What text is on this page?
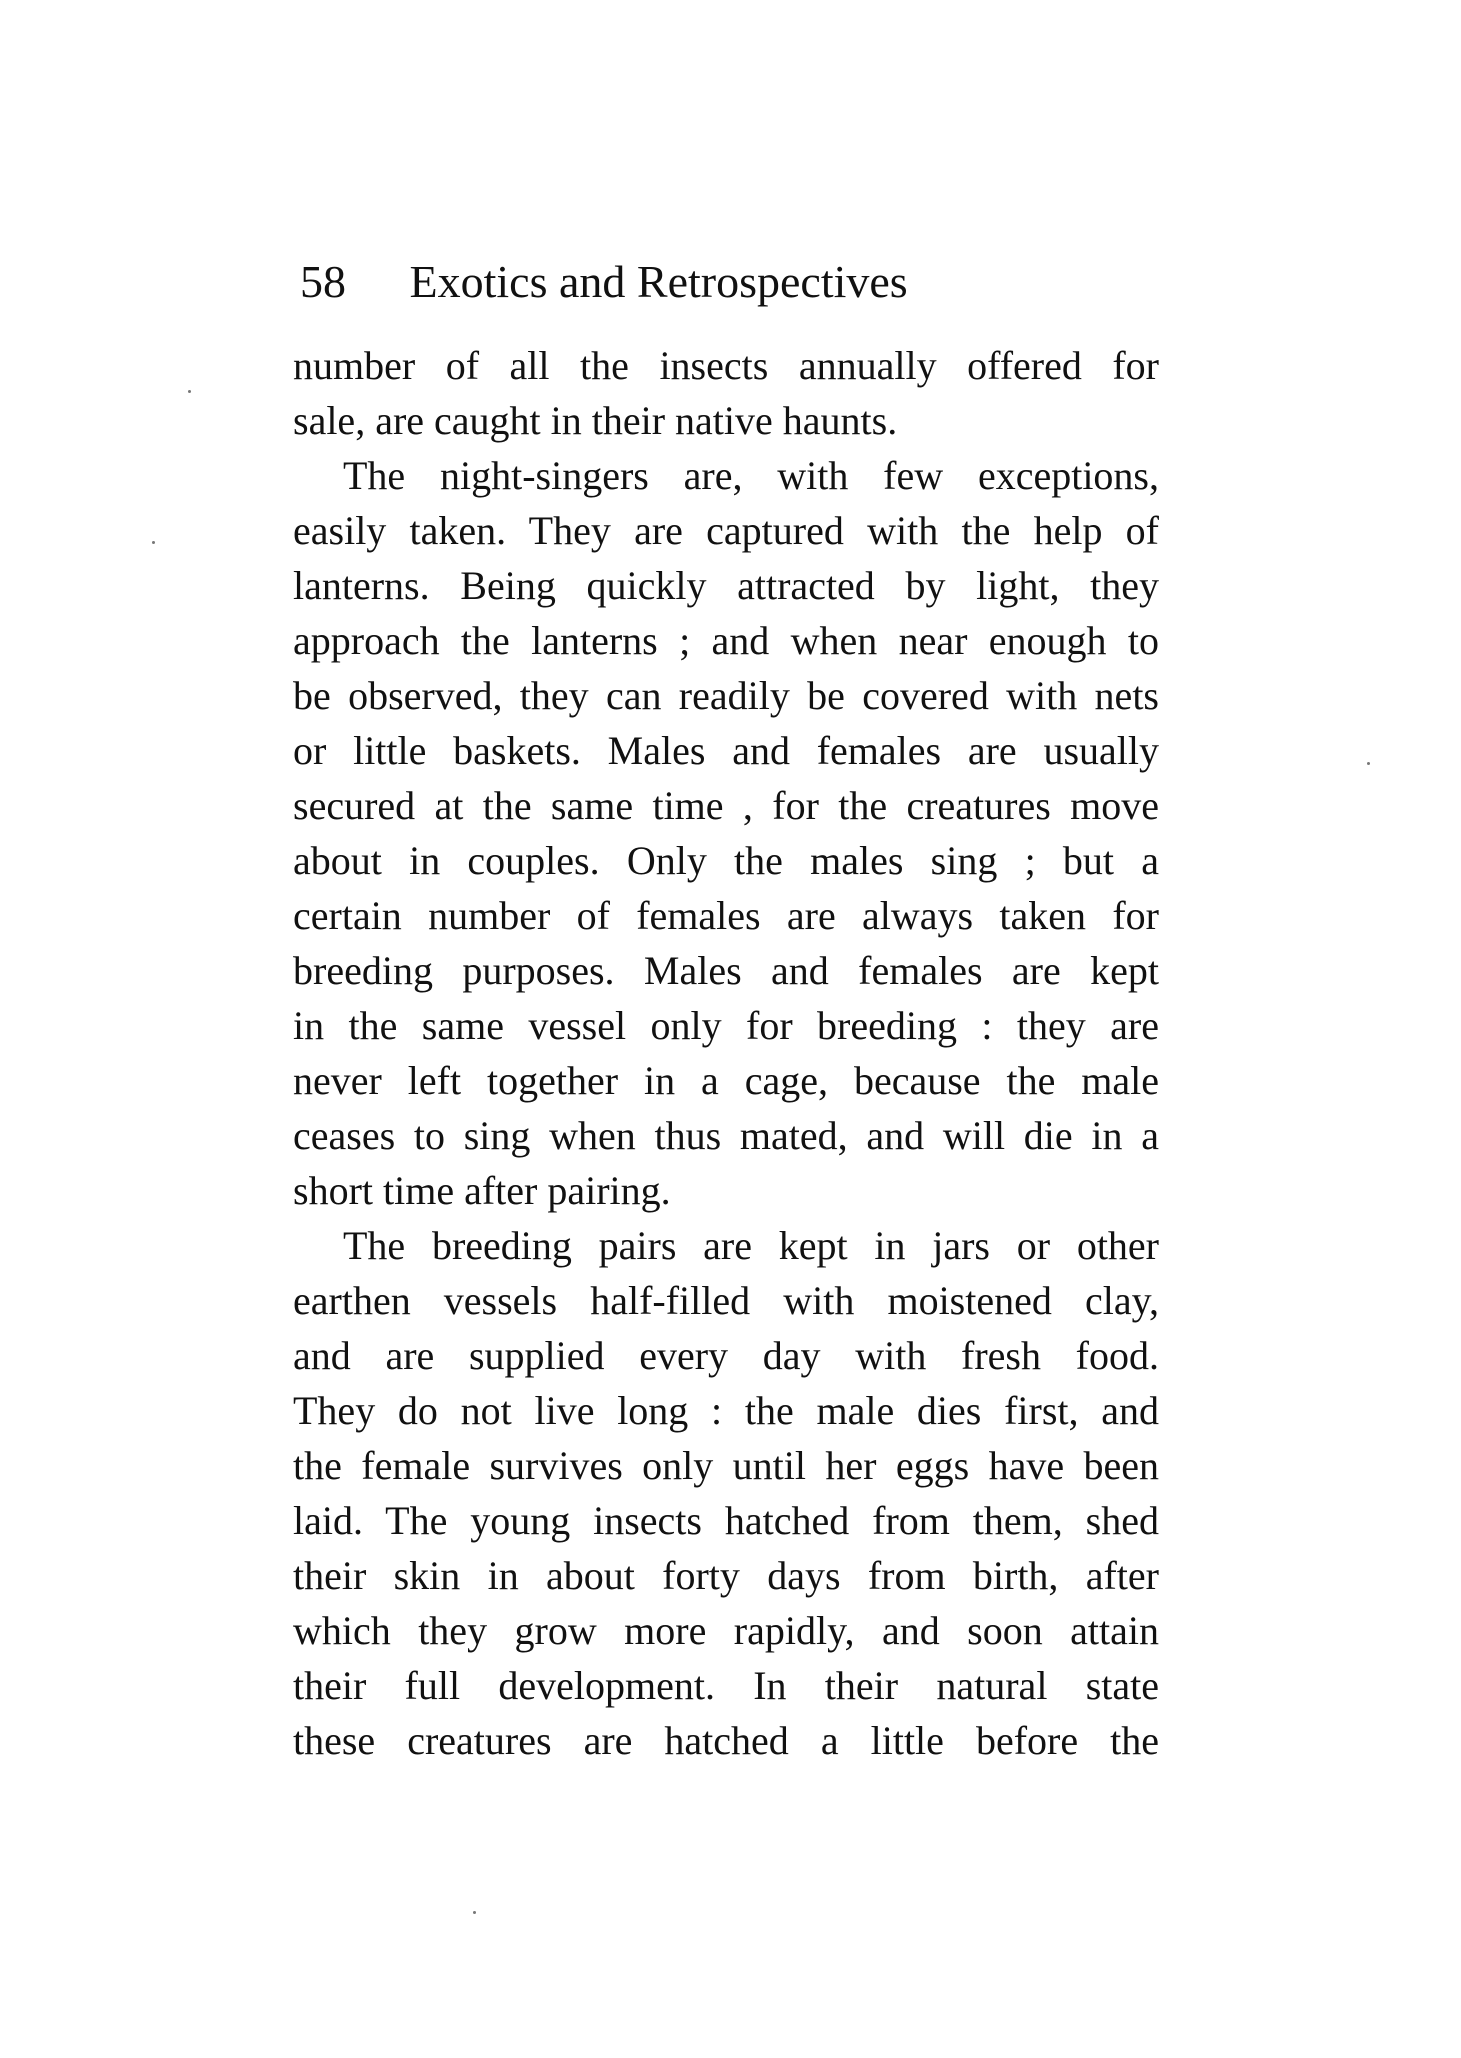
58 Exotics and Retrospectives
number of all the insects annually offered for
sale, are caught in their native haunts.
The night-singers are, with few exceptions,
easily taken. They are captured with the help of
lanterns. Being quickly attracted by light, they
approach the lanterns ; and when near enough to
be observed, they can readily be covered with nets
or little baskets. Males and females are usually
secured at the same time , for the creatures move
about in couples. Only the males sing ; but a
certain number of females are always taken for
breeding purposes. Males and females are kept
in the same vessel only for breeding : they are
never left together in a cage, because the male
ceases to sing when thus mated, and will die in a
short time after pairing.
The breeding pairs are kept in jars or other
earthen vessels half-filled with moistened clay,
and are supplied every day with fresh food.
They do not live long : the male dies first, and
the female survives only until her eggs have been
laid. The young insects hatched from them, shed
their skin in about forty days from birth, after
which they grow more rapidly, and soon attain
their full development. In their natural state
these creatures are hatched a little before the
